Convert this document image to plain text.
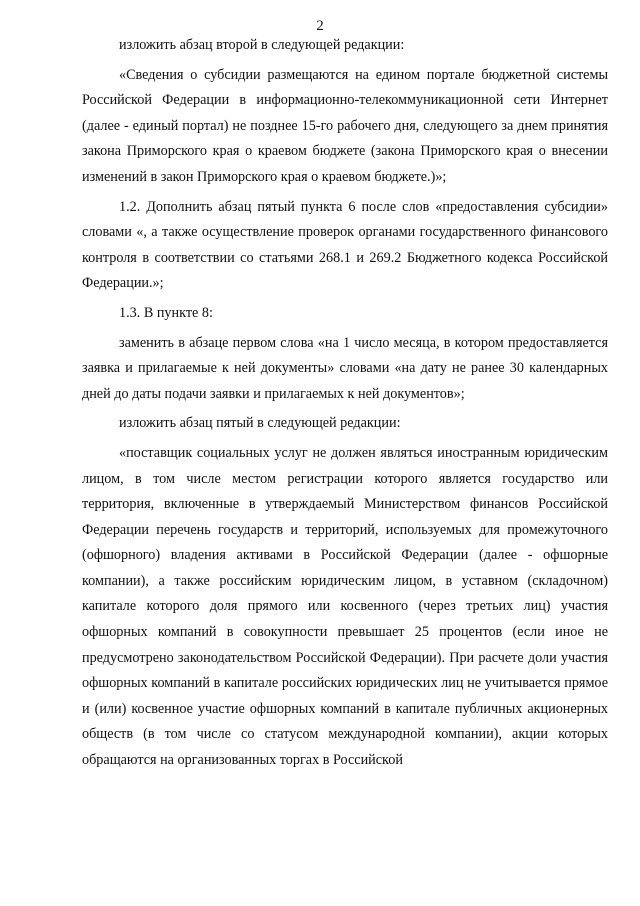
2

изложить абзац второй в следующей редакции:

«Сведения о субсидии размещаются на едином портале бюджетной системы Российской Федерации в информационно-телекоммуникационной сети Интернет (далее - единый портал) не позднее 15-го рабочего дня, следующего за днем принятия закона Приморского края о краевом бюджете (закона Приморского края о внесении изменений в закон Приморского края о краевом бюджете.)»;

1.2. Дополнить абзац пятый пункта 6 после слов «предоставления субсидии» словами «, а также осуществление проверок органами государственного финансового контроля в соответствии со статьями 268.1 и 269.2 Бюджетного кодекса Российской Федерации.»;

1.3. В пункте 8:

заменить в абзаце первом слова «на 1 число месяца, в котором предоставляется заявка и прилагаемые к ней документы» словами «на дату не ранее 30 календарных дней до даты подачи заявки и прилагаемых к ней документов»;

изложить абзац пятый в следующей редакции:

«поставщик социальных услуг не должен являться иностранным юридическим лицом, в том числе местом регистрации которого является государство или территория, включенные в утверждаемый Министерством финансов Российской Федерации перечень государств и территорий, используемых для промежуточного (офшорного) владения активами в Российской Федерации (далее - офшорные компании), а также российским юридическим лицом, в уставном (складочном) капитале которого доля прямого или косвенного (через третьих лиц) участия офшорных компаний в совокупности превышает 25 процентов (если иное не предусмотрено законодательством Российской Федерации). При расчете доли участия офшорных компаний в капитале российских юридических лиц не учитывается прямое и (или) косвенное участие офшорных компаний в капитале публичных акционерных обществ (в том числе со статусом международной компании), акции которых обращаются на организованных торгах в Российской
